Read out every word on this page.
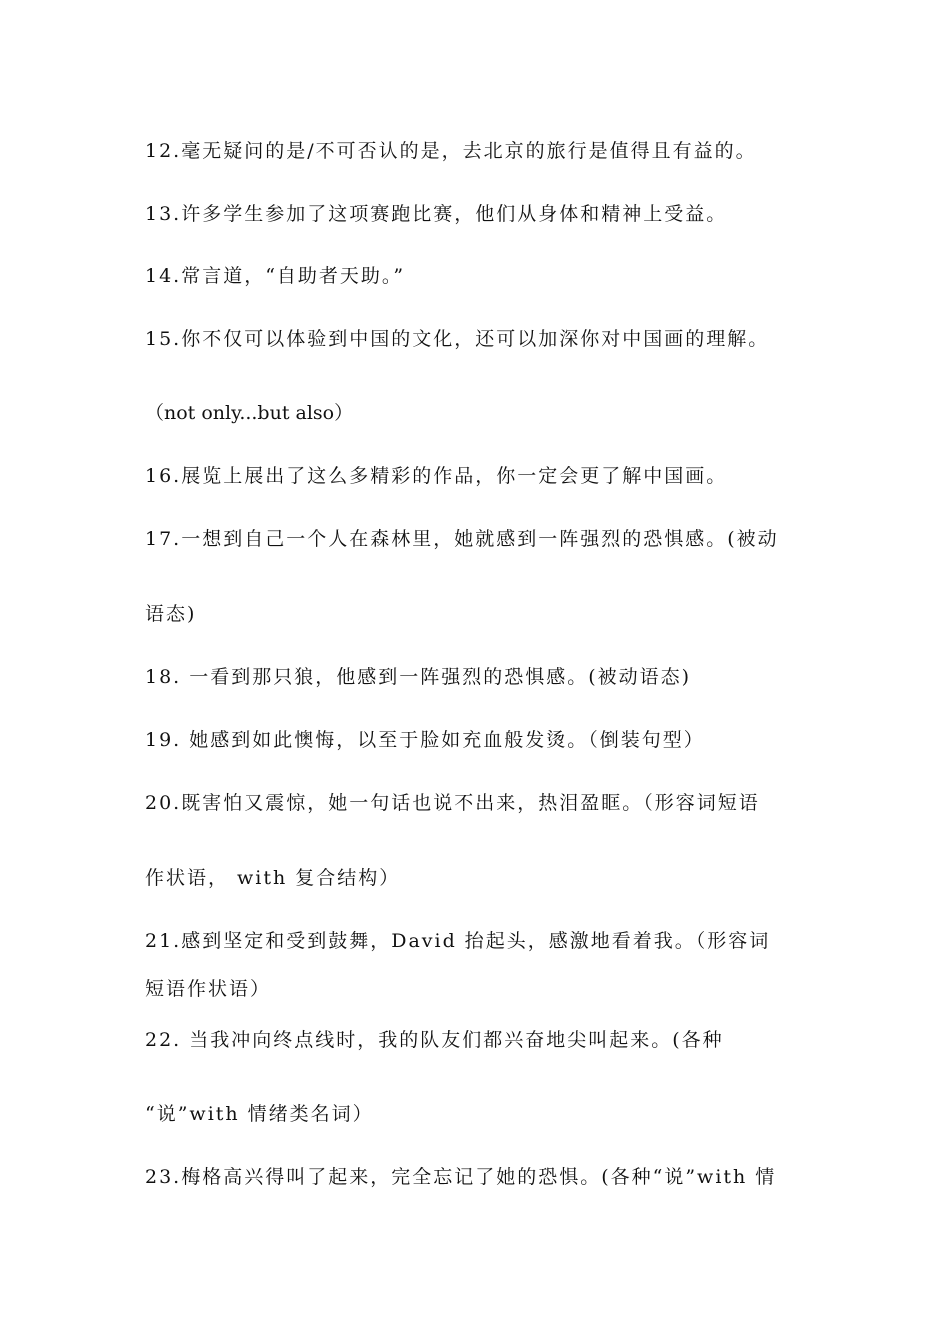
12.毫无疑问的是/不可否认的是，去北京的旅行是值得且有益的。
13.许多学生参加了这项赛跑比赛，他们从身体和精神上受益。
14.常言道，“自助者天助。”
15.你不仅可以体验到中国的文化，还可以加深你对中国画的理解。
（not only...but also）
16.展览上展出了这么多精彩的作品，你一定会更了解中国画。
17.一想到自己一个人在森林里，她就感到一阵强烈的恐惧感。(被动
语态)
18. 一看到那只狼，他感到一阵强烈的恐惧感。(被动语态)
19. 她感到如此懊悔，以至于脸如充血般发烫。（倒装句型）
20.既害怕又震惊，她一句话也说不出来，热泪盈眶。（形容词短语
作状语， with 复合结构）
21.感到坚定和受到鼓舞，David 抬起头，感激地看着我。（形容词
短语作状语）
22. 当我冲向终点线时，我的队友们都兴奋地尖叫起来。(各种
“说”with 情绪类名词）
23.梅格高兴得叫了起来，完全忘记了她的恐惧。(各种“说”with 情
